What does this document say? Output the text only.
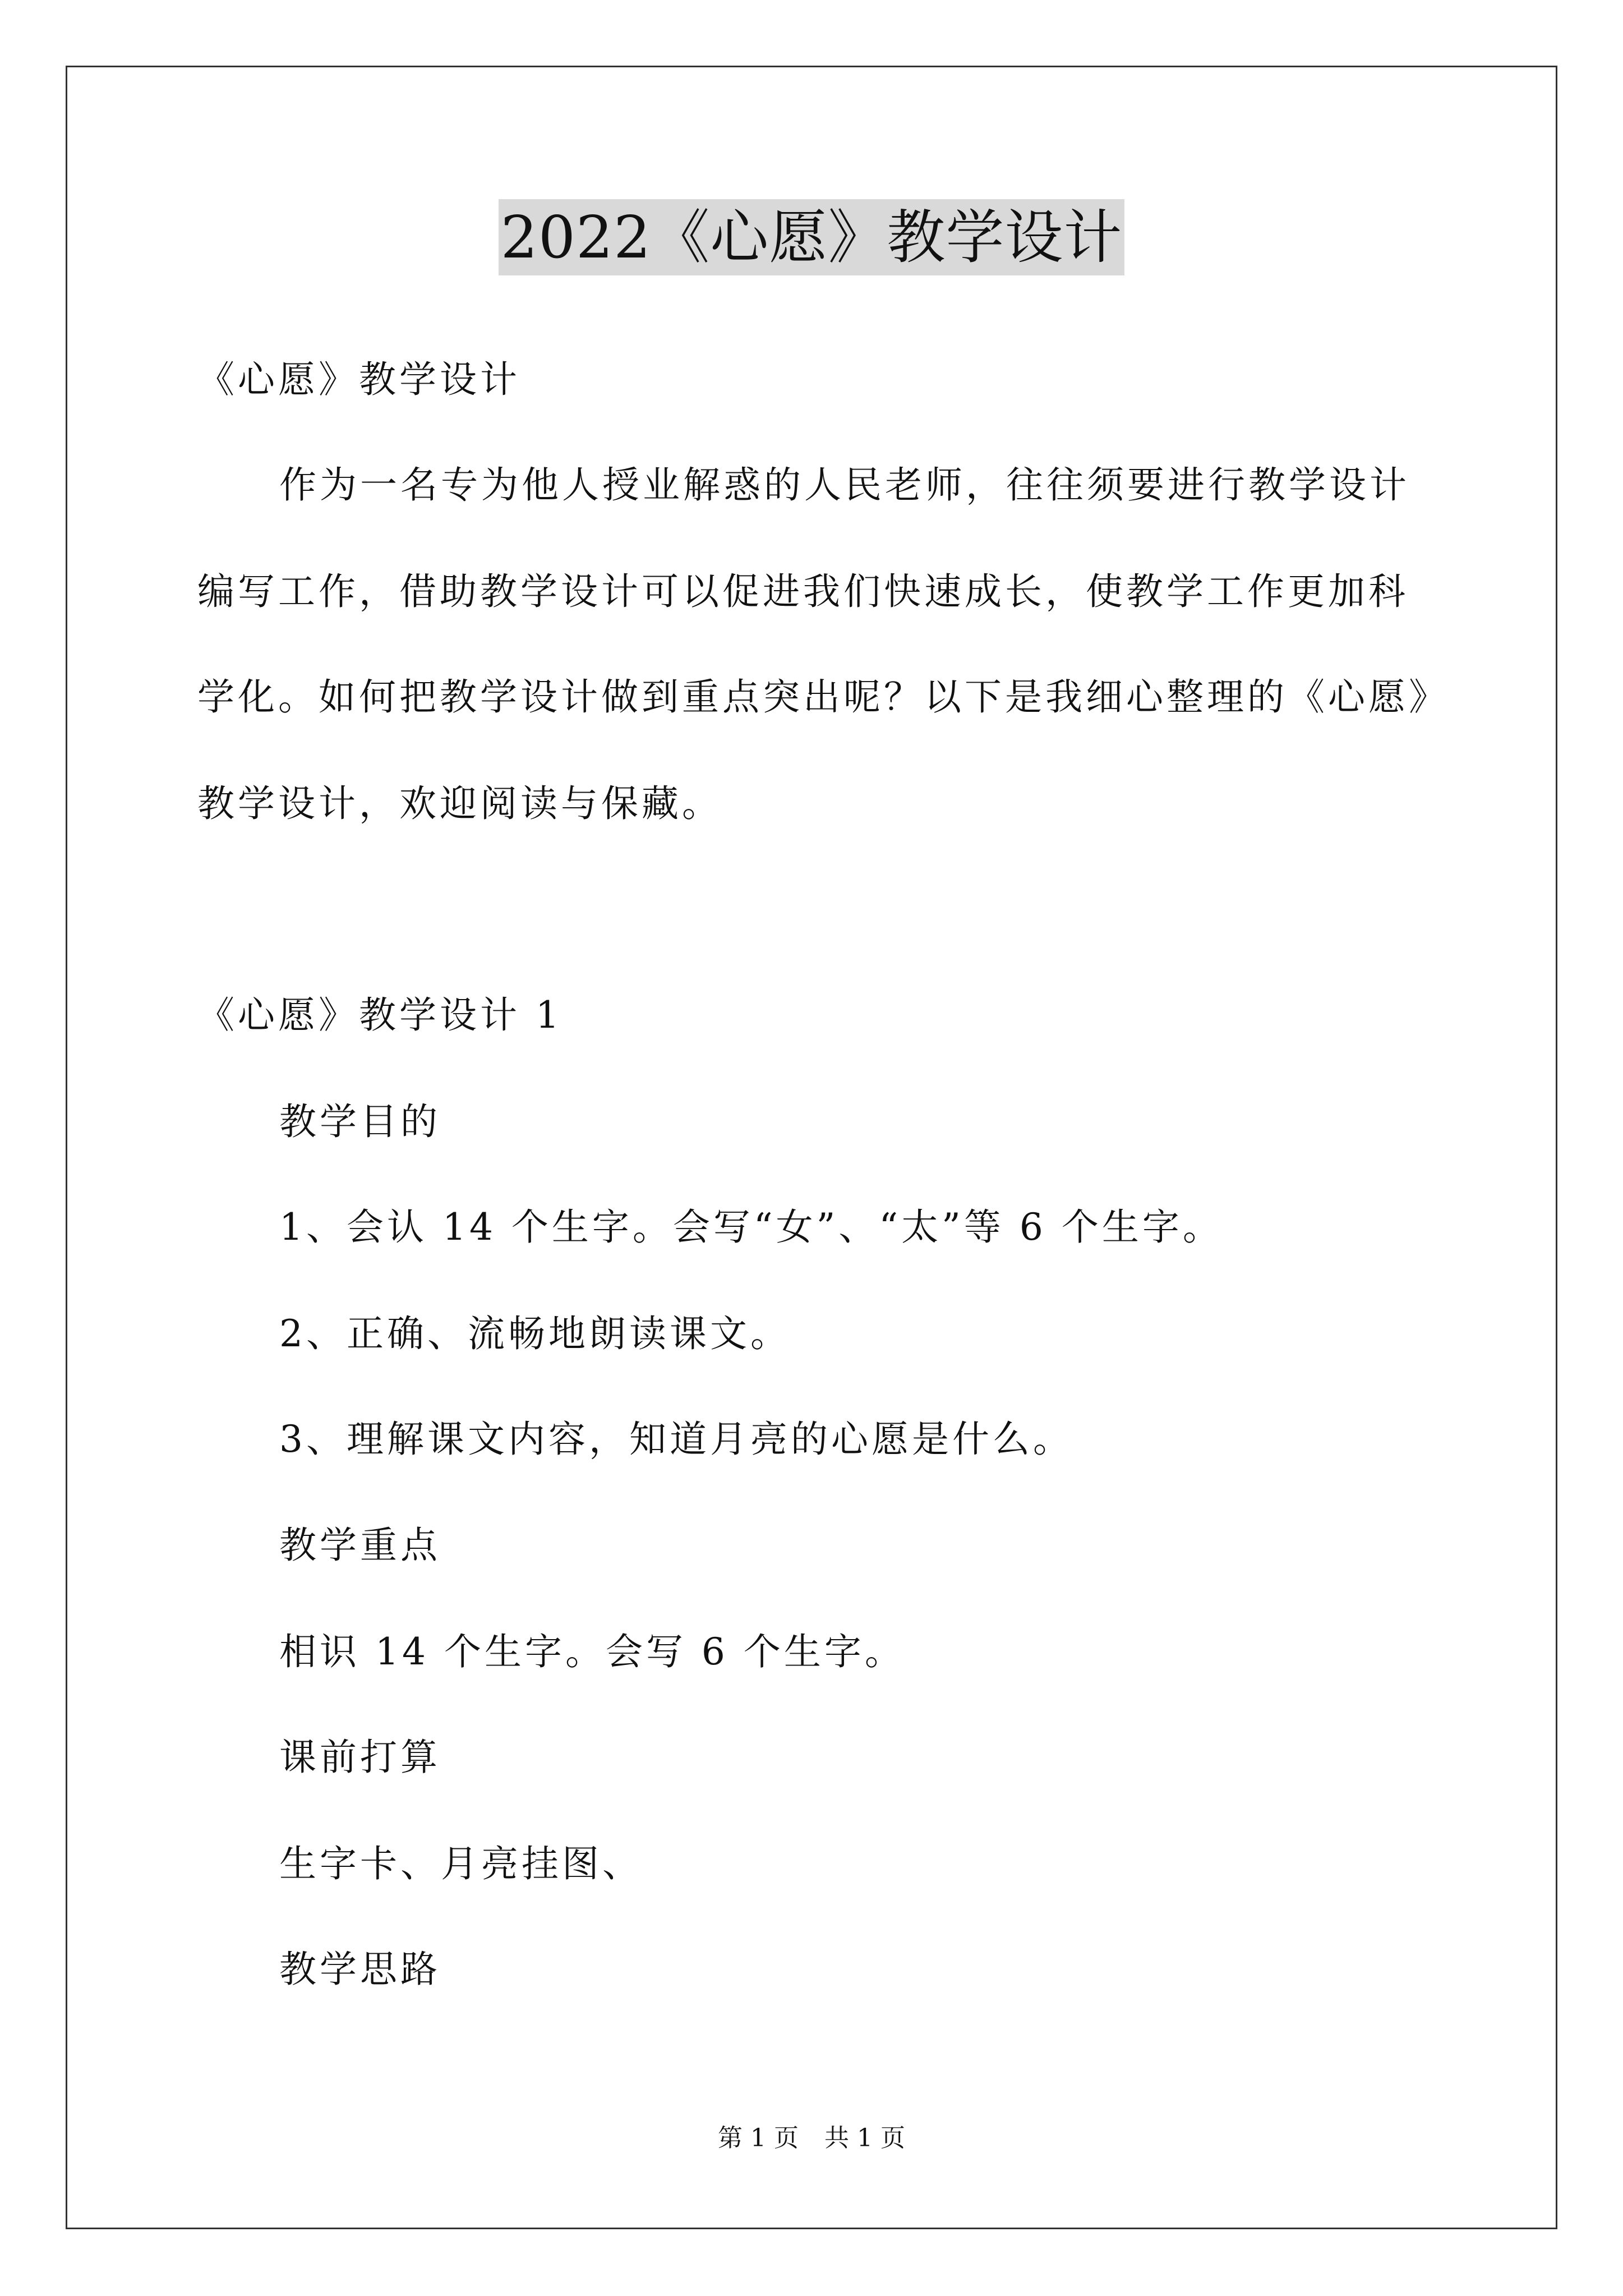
2022《心愿》教学设计
《心愿》教学设计
作为一名专为他人授业解惑的人民老师，往往须要进行教学设计
编写工作，借助教学设计可以促进我们快速成长，使教学工作更加科
学化。如何把教学设计做到重点突出呢？以下是我细心整理的《心愿》
教学设计，欢迎阅读与保藏。
《心愿》教学设计 1
教学目的
1、会认 14 个生字。会写“女”、“太”等 6 个生字。
2、正确、流畅地朗读课文。
3、理解课文内容，知道月亮的心愿是什么。
教学重点
相识 14 个生字。会写 6 个生字。
课前打算
生字卡、月亮挂图、
教学思路
第 1 页 共 1 页
